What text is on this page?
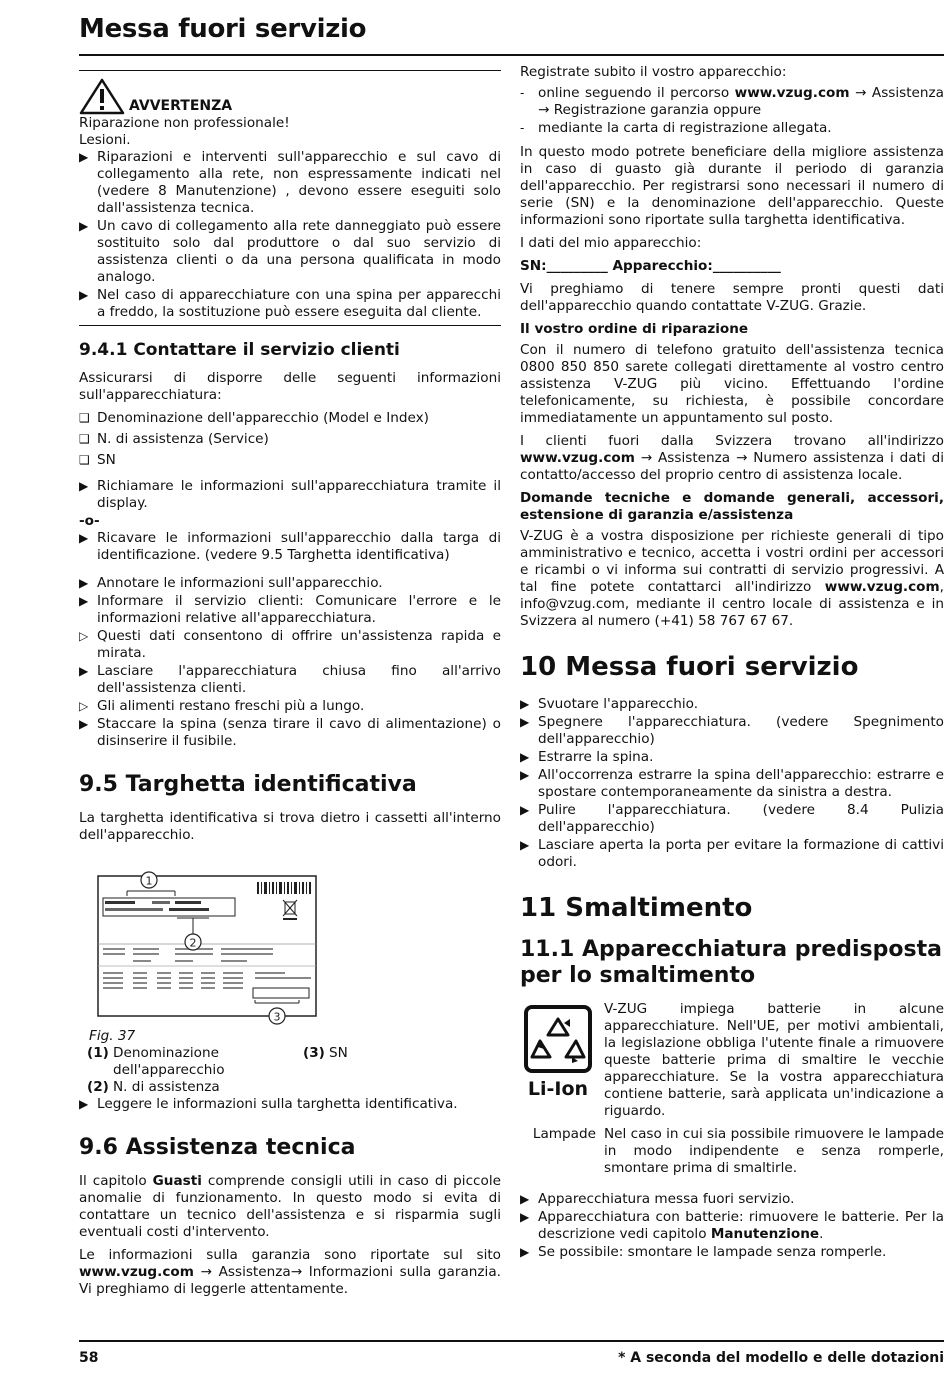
Messa fuori servizio
AVVERTENZA
Riparazione non professionale!
Lesioni.
▶ Riparazioni e interventi sull'apparecchio e sul cavo di collegamento alla rete, non espressamente indicati nel (vedere 8 Manutenzione) , devono essere eseguiti solo dall'assistenza tecnica.
▶ Un cavo di collegamento alla rete danneggiato può essere sostituito solo dal produttore o dal suo servizio di assistenza clienti o da una persona qualificata in modo analogo.
▶ Nel caso di apparecchiature con una spina per apparecchi a freddo, la sostituzione può essere eseguita dal cliente.
9.4.1 Contattare il servizio clienti

Assicurarsi di disporre delle seguenti informazioni sull'apparecchiatura:

❑ Denominazione dell'apparecchio (Model e Index)
❑ N. di assistenza (Service)
❑ SN
▶ Richiamare le informazioni sull'apparecchiatura tramite il display.
-o-
▶ Ricavare le informazioni sull'apparecchio dalla targa di identificazione. (vedere 9.5 Targhetta identificativa)
▶ Annotare le informazioni sull'apparecchio.
▶ Informare il servizio clienti: Comunicare l'errore e le informazioni relative all'apparecchiatura.
▷ Questi dati consentono di offrire un'assistenza rapida e mirata.
▶ Lasciare l'apparecchiatura chiusa fino all'arrivo dell'assistenza clienti.
▷ Gli alimenti restano freschi più a lungo.
▶ Staccare la spina (senza tirare il cavo di alimentazione) o disinserire il fusibile.
9.5 Targhetta identificativa

La targhetta identificativa si trova dietro i cassetti all'interno dell'apparecchio.

1
2
3
Fig. 37
(1) Denominazione dell'apparecchio
(3) SN
(2) N. di assistenza
▶ Leggere le informazioni sulla targhetta identificativa.
9.6 Assistenza tecnica

Il capitolo Guasti comprende consigli utili in caso di piccole anomalie di funzionamento. In questo modo si evita di contattare un tecnico dell'assistenza e si risparmia sugli eventuali costi d'intervento.

Le informazioni sulla garanzia sono riportate sul sito www.vzug.com → Assistenza→ Informazioni sulla garanzia. Vi preghiamo di leggerle attentamente.

Registrate subito il vostro apparecchio:

-	online seguendo il percorso www.vzug.com → Assistenza → Registrazione garanzia oppure
-	mediante la carta di registrazione allegata.

In questo modo potrete beneficiare della migliore assistenza in caso di guasto già durante il periodo di garanzia dell'apparecchio. Per registrarsi sono necessari il numero di serie (SN) e la denominazione dell'apparecchio. Queste informazioni sono riportate sulla targhetta identificativa.

I dati del mio apparecchio:

SN:_________ Apparecchio:__________

Vi preghiamo di tenere sempre pronti questi dati dell'apparecchio quando contattate V-ZUG. Grazie.

Il vostro ordine di riparazione

Con il numero di telefono gratuito dell'assistenza tecnica 0800 850 850 sarete collegati direttamente al vostro centro assistenza V-ZUG più vicino. Effettuando l'ordine telefonicamente, su richiesta, è possibile concordare immediatamente un appuntamento sul posto.

I clienti fuori dalla Svizzera trovano all'indirizzo www.vzug.com → Assistenza → Numero assistenza i dati di contatto/accesso del proprio centro di assistenza locale.

Domande tecniche e domande generali, accessori, estensione di garanzia e/assistenza

V-ZUG è a vostra disposizione per richieste generali di tipo amministrativo e tecnico, accetta i vostri ordini per accessori e ricambi o vi informa sui contratti di servizio progressivi. A tal fine potete contattarci all'indirizzo www.vzug.com, info@vzug.com, mediante il centro locale di assistenza e in Svizzera al numero (+41) 58 767 67 67.

10 Messa fuori servizio
▶ Svuotare l'apparecchio.
▶ Spegnere l'apparecchiatura. (vedere Spegnimento dell'apparecchio)
▶ Estrarre la spina.
▶ All'occorrenza estrarre la spina dell'apparecchio: estrarre e spostare contemporaneamente da sinistra a destra.
▶ Pulire l'apparecchiatura. (vedere 8.4 Pulizia dell'apparecchio)
▶ Lasciare aperta la porta per evitare la formazione di cattivi odori.
11 Smaltimento
11.1 Apparecchiatura predisposta per lo smaltimento
Li-Ion

V-ZUG impiega batterie in alcune apparecchiature. Nell'UE, per motivi ambientali, la legislazione obbliga l'utente finale a rimuovere queste batterie prima di smaltire le vecchie apparecchiature. Se la vostra apparecchiatura contiene batterie, sarà applicata un'indicazione a riguardo.

Lampade Nel caso in cui sia possibile rimuovere le lampade in modo indipendente e senza romperle, smontare prima di smaltirle.
▶ Apparecchiatura messa fuori servizio.
▶ Apparecchiatura con batterie: rimuovere le batterie. Per la descrizione vedi capitolo Manutenzione.
▶ Se possibile: smontare le lampade senza romperle.
58	* A seconda del modello e delle dotazioni
